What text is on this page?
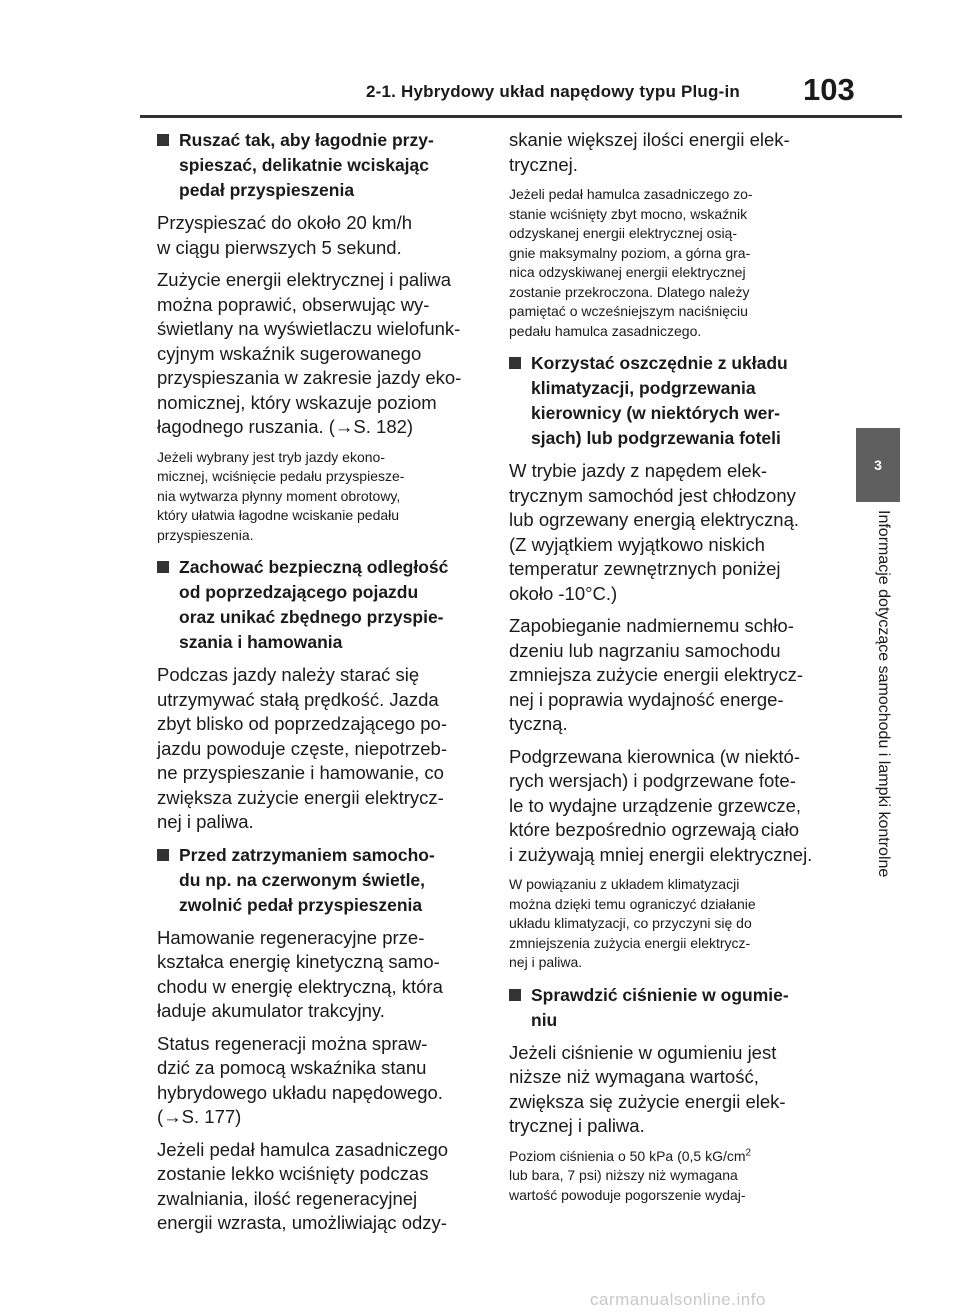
2-1. Hybrydowy układ napędowy typu Plug-in 103
3
Informacje dotyczące samochodu i lampki kontrolne
Ruszać tak, aby łagodnie przy-
spieszać, delikatnie wciskając
pedał przyspieszenia
Przyspieszać do około 20 km/h
w ciągu pierwszych 5 sekund.
Zużycie energii elektrycznej i paliwa
można poprawić, obserwując wy-
świetlany na wyświetlaczu wielofunk-
cyjnym wskaźnik sugerowanego
przyspieszania w zakresie jazdy eko-
nomicznej, który wskazuje poziom
łagodnego ruszania. (→S. 182)
Jeżeli wybrany jest tryb jazdy ekono-
micznej, wciśnięcie pedału przyspiesze-
nia wytwarza płynny moment obrotowy,
który ułatwia łagodne wciskanie pedału
przyspieszenia.
Zachować bezpieczną odległość
od poprzedzającego pojazdu
oraz unikać zbędnego przyspie-
szania i hamowania
Podczas jazdy należy starać się
utrzymywać stałą prędkość. Jazda
zbyt blisko od poprzedzającego po-
jazdu powoduje częste, niepotrzeb-
ne przyspieszanie i hamowanie, co
zwiększa zużycie energii elektrycz-
nej i paliwa.
Przed zatrzymaniem samocho-
du np. na czerwonym świetle,
zwolnić pedał przyspieszenia
Hamowanie regeneracyjne prze-
kształca energię kinetyczną samo-
chodu w energię elektryczną, która
ładuje akumulator trakcyjny.
Status regeneracji można spraw-
dzić za pomocą wskaźnika stanu
hybrydowego układu napędowego.
(→S. 177)
Jeżeli pedał hamulca zasadniczego
zostanie lekko wciśnięty podczas
zwalniania, ilość regeneracyjnej
energii wzrasta, umożliwiając odzy-
skanie większej ilości energii elek-
trycznej.
Jeżeli pedał hamulca zasadniczego zo-
stanie wciśnięty zbyt mocno, wskaźnik
odzyskanej energii elektrycznej osią-
gnie maksymalny poziom, a górna gra-
nica odzyskiwanej energii elektrycznej
zostanie przekroczona. Dlatego należy
pamiętać o wcześniejszym naciśnięciu
pedału hamulca zasadniczego.
Korzystać oszczędnie z układu
klimatyzacji, podgrzewania
kierownicy (w niektórych wer-
sjach) lub podgrzewania foteli
W trybie jazdy z napędem elek-
trycznym samochód jest chłodzony
lub ogrzewany energią elektryczną.
(Z wyjątkiem wyjątkowo niskich
temperatur zewnętrznych poniżej
około -10°C.)
Zapobieganie nadmiernemu schło-
dzeniu lub nagrzaniu samochodu
zmniejsza zużycie energii elektrycz-
nej i poprawia wydajność energe-
tyczną.
Podgrzewana kierownica (w niektó-
rych wersjach) i podgrzewane fote-
le to wydajne urządzenie grzewcze,
które bezpośrednio ogrzewają ciało
i zużywają mniej energii elektrycznej.
W powiązaniu z układem klimatyzacji
można dzięki temu ograniczyć działanie
układu klimatyzacji, co przyczyni się do
zmniejszenia zużycia energii elektrycz-
nej i paliwa.
Sprawdzić ciśnienie w ogumie-
niu
Jeżeli ciśnienie w ogumieniu jest
niższe niż wymagana wartość,
zwiększa się zużycie energii elek-
trycznej i paliwa.
Poziom ciśnienia o 50 kPa (0,5 $kG/cm^2$
lub bara, 7 psi) niższy niż wymagana
wartość powoduje pogorszenie wydaj-
carmanualsonline.info
